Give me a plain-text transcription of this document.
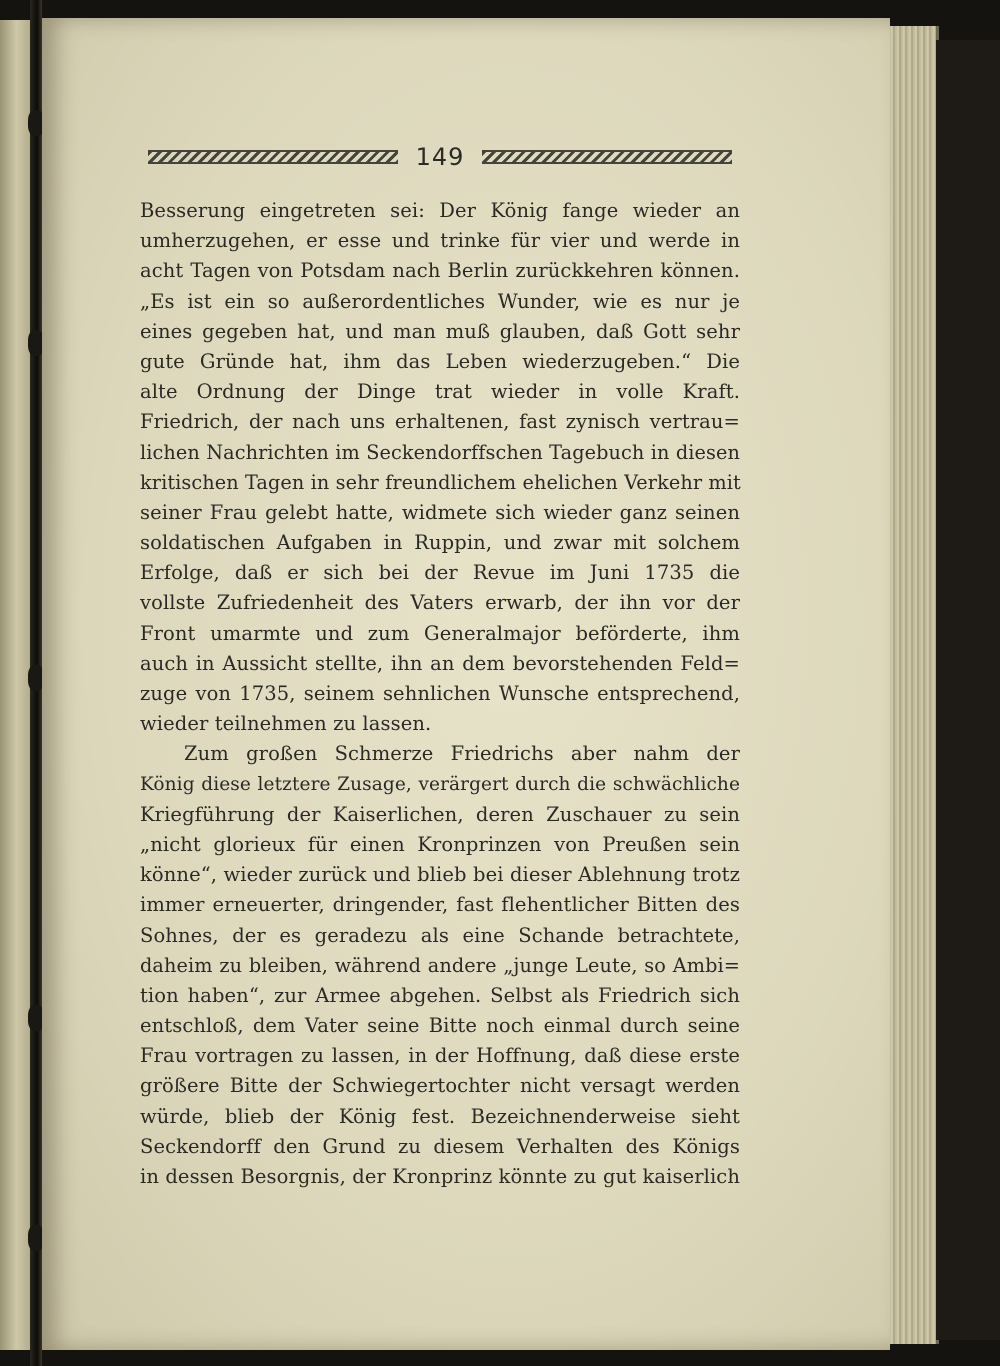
149
Besserung eingetreten sei: Der König fange wieder an
umherzugehen, er esse und trinke für vier und werde in
acht Tagen von Potsdam nach Berlin zurückkehren können.
„Es ist ein so außerordentliches Wunder, wie es nur je
eines gegeben hat, und man muß glauben, daß Gott sehr
gute Gründe hat, ihm das Leben wiederzugeben.“ Die
alte Ordnung der Dinge trat wieder in volle Kraft.
Friedrich, der nach uns erhaltenen, fast zynisch vertrau=
lichen Nachrichten im Seckendorffschen Tagebuch in diesen
kritischen Tagen in sehr freundlichem ehelichen Verkehr mit
seiner Frau gelebt hatte, widmete sich wieder ganz seinen
soldatischen Aufgaben in Ruppin, und zwar mit solchem
Erfolge, daß er sich bei der Revue im Juni 1735 die
vollste Zufriedenheit des Vaters erwarb, der ihn vor der
Front umarmte und zum Generalmajor beförderte, ihm
auch in Aussicht stellte, ihn an dem bevorstehenden Feld=
zuge von 1735, seinem sehnlichen Wunsche entsprechend,
wieder teilnehmen zu lassen.
Zum großen Schmerze Friedrichs aber nahm der
König diese letztere Zusage, verärgert durch die schwächliche
Kriegführung der Kaiserlichen, deren Zuschauer zu sein
„nicht glorieux für einen Kronprinzen von Preußen sein
könne“, wieder zurück und blieb bei dieser Ablehnung trotz
immer erneuerter, dringender, fast flehentlicher Bitten des
Sohnes, der es geradezu als eine Schande betrachtete,
daheim zu bleiben, während andere „junge Leute, so Ambi=
tion haben“, zur Armee abgehen. Selbst als Friedrich sich
entschloß, dem Vater seine Bitte noch einmal durch seine
Frau vortragen zu lassen, in der Hoffnung, daß diese erste
größere Bitte der Schwiegertochter nicht versagt werden
würde, blieb der König fest. Bezeichnenderweise sieht
Seckendorff den Grund zu diesem Verhalten des Königs
in dessen Besorgnis, der Kronprinz könnte zu gut kaiserlich
